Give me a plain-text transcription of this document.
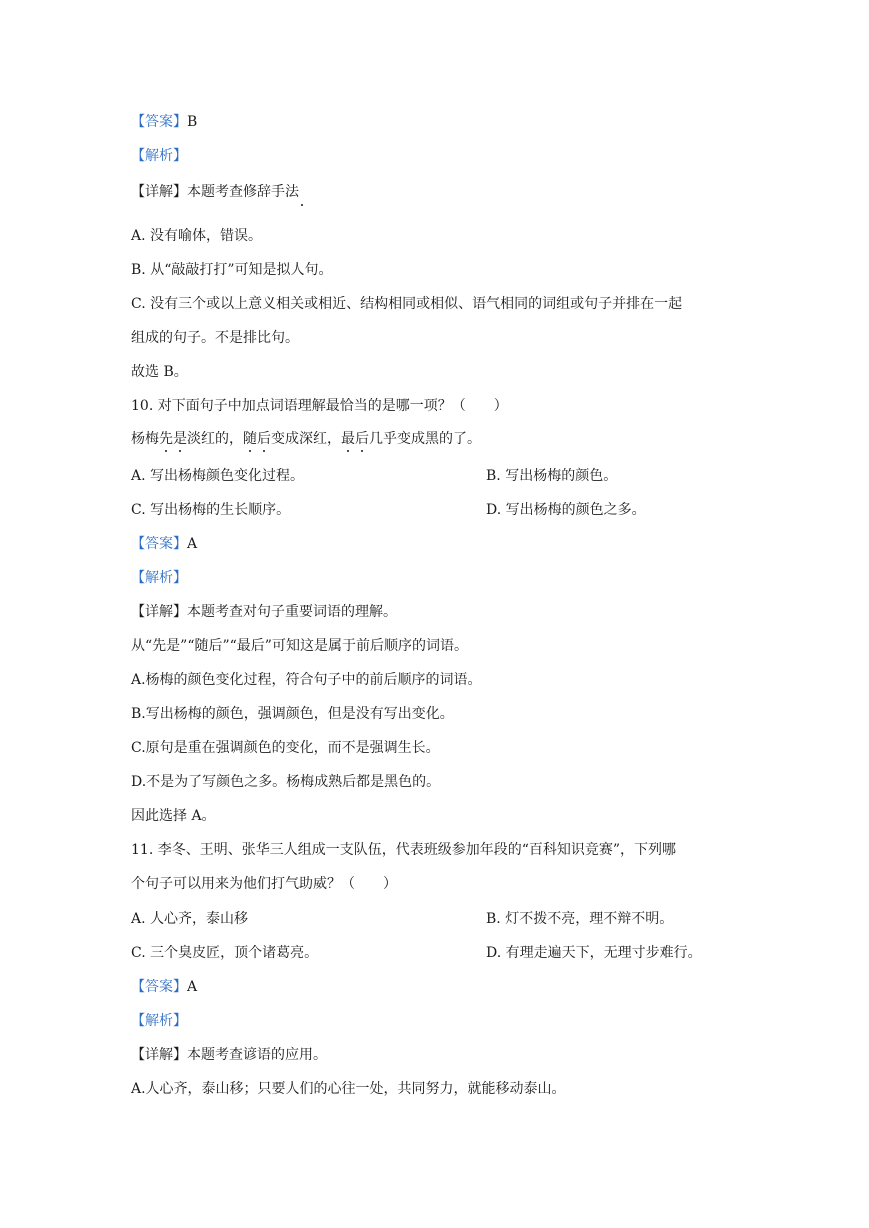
【答案】B
【解析】
【详解】本题考查修辞手法
A. 没有喻体，错误。
B. 从“敲敲打打”可知是拟人句。
C. 没有三个或以上意义相关或相近、结构相同或相似、语气相同的词组或句子并排在一起
组成的句子。不是排比句。
故选 B。
10. 对下面句子中加点词语理解最恰当的是哪一项？（　　）
杨梅先是淡红的，随后变成深红，最后几乎变成黑的了。
A. 写出杨梅颜色变化过程。	B. 写出杨梅的颜色。
C. 写出杨梅的生长顺序。	D. 写出杨梅的颜色之多。
【答案】A
【解析】
【详解】本题考查对句子重要词语的理解。
从“先是”“随后”“最后”可知这是属于前后顺序的词语。
A.杨梅的颜色变化过程，符合句子中的前后顺序的词语。
B.写出杨梅的颜色，强调颜色，但是没有写出变化。
C.原句是重在强调颜色的变化，而不是强调生长。
D.不是为了写颜色之多。杨梅成熟后都是黑色的。
因此选择 A。
11. 李冬、王明、张华三人组成一支队伍，代表班级参加年段的“百科知识竞赛”，下列哪
个句子可以用来为他们打气助威？（　　）
A. 人心齐，泰山移	B. 灯不拨不亮，理不辩不明。
C. 三个臭皮匠，顶个诸葛亮。	D. 有理走遍天下，无理寸步难行。
【答案】A
【解析】
【详解】本题考查谚语的应用。
A.人心齐，泰山移；只要人们的心往一处，共同努力，就能移动泰山。
